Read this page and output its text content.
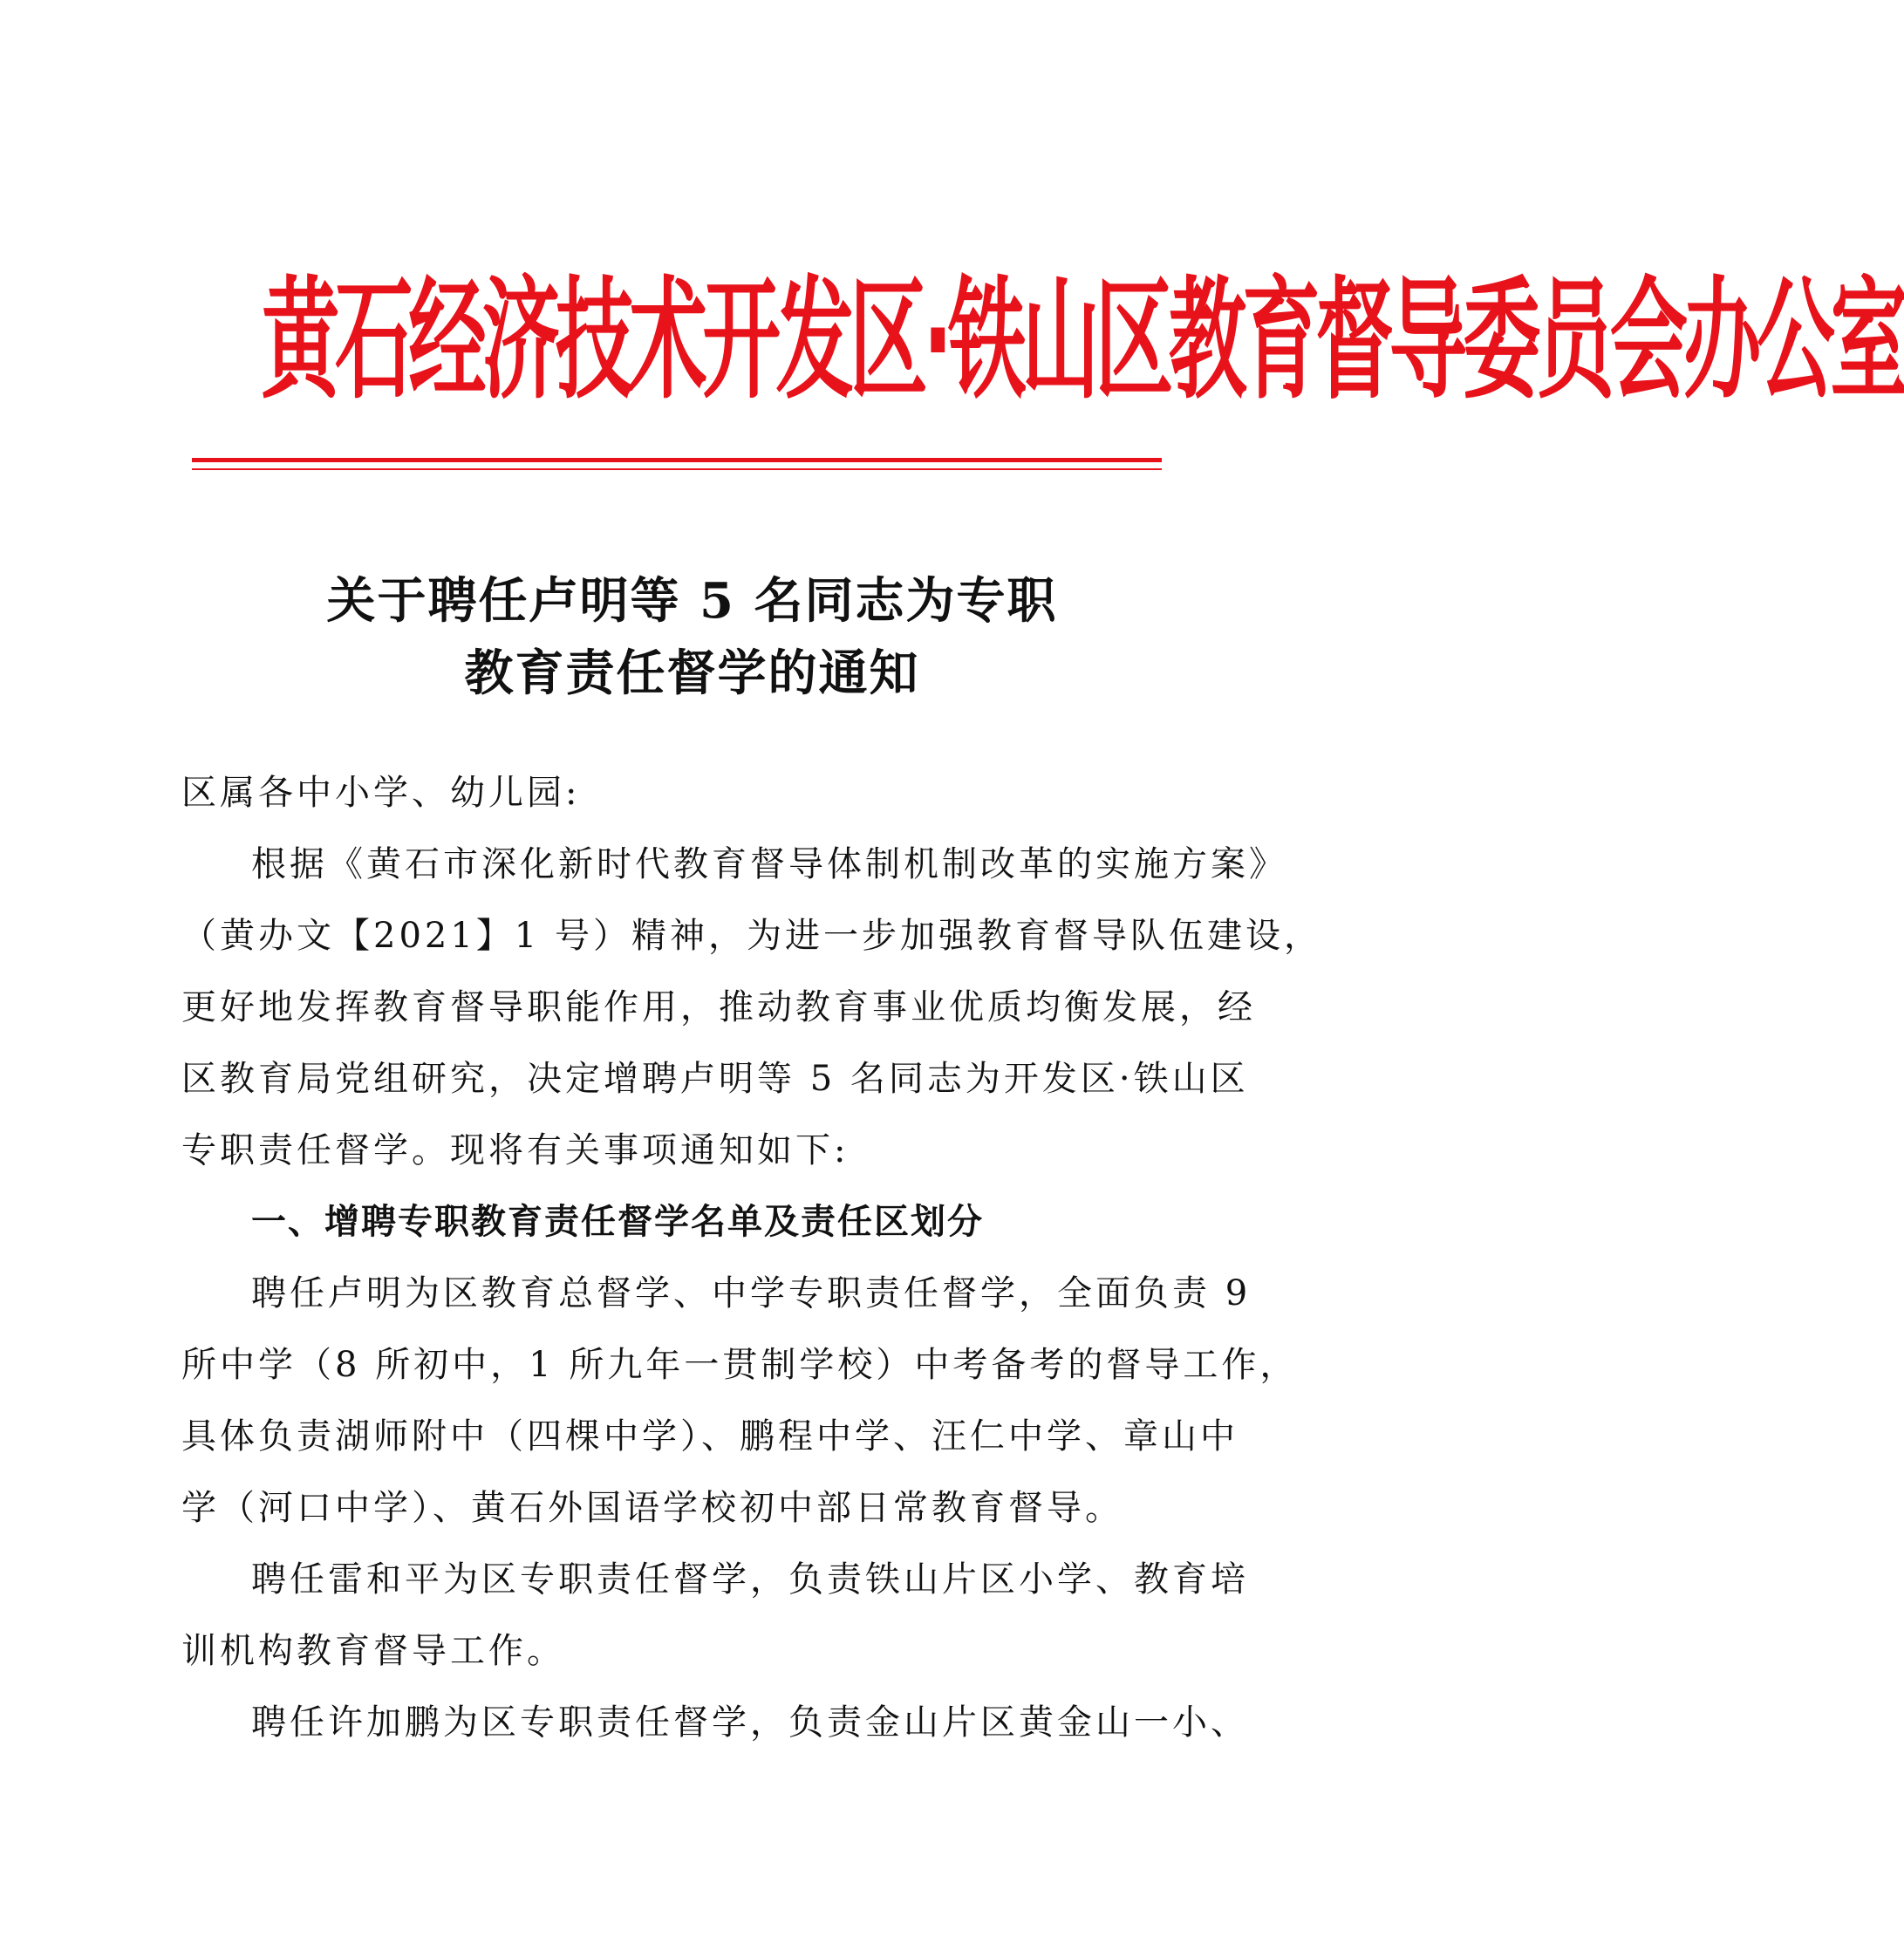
黄石经济技术开发区·铁山区教育督导委员会办公室
关于聘任卢明等 5 名同志为专职
教育责任督学的通知
区属各中小学、幼儿园:
根据《黄石市深化新时代教育督导体制机制改革的实施方案》
（黄办文【2021】1 号）精神，为进一步加强教育督导队伍建设，
更好地发挥教育督导职能作用，推动教育事业优质均衡发展，经
区教育局党组研究，决定增聘卢明等 5 名同志为开发区·铁山区
专职责任督学。现将有关事项通知如下:
一、增聘专职教育责任督学名单及责任区划分
聘任卢明为区教育总督学、中学专职责任督学，全面负责 9
所中学（8 所初中，1 所九年一贯制学校）中考备考的督导工作，
具体负责湖师附中（四棵中学）、鹏程中学、汪仁中学、章山中
学（河口中学）、黄石外国语学校初中部日常教育督导。
聘任雷和平为区专职责任督学，负责铁山片区小学、教育培
训机构教育督导工作。
聘任许加鹏为区专职责任督学，负责金山片区黄金山一小、
